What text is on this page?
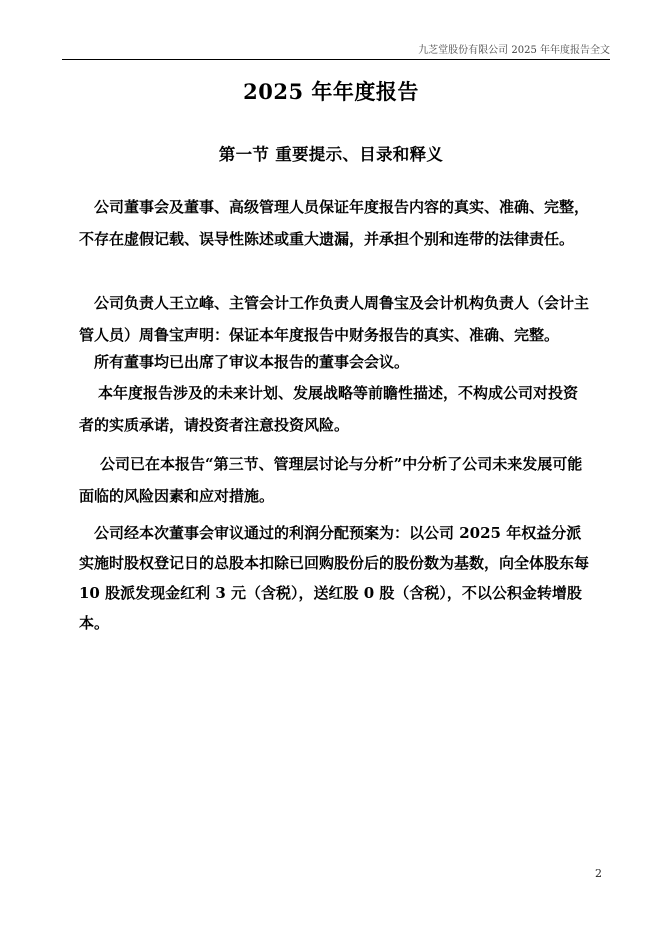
九芝堂股份有限公司 2025 年年度报告全文
2025 年年度报告
第一节 重要提示、目录和释义

公司董事会及董事、高级管理人员保证年度报告内容的真实、准确、完整，不存在虚假记载、误导性陈述或重大遗漏，并承担个别和连带的法律责任。

公司负责人王立峰、主管会计工作负责人周鲁宝及会计机构负责人（会计主管人员）周鲁宝声明：保证本年度报告中财务报告的真实、准确、完整。

所有董事均已出席了审议本报告的董事会会议。

本年度报告涉及的未来计划、发展战略等前瞻性描述，不构成公司对投资者的实质承诺，请投资者注意投资风险。

公司已在本报告“第三节、管理层讨论与分析”中分析了公司未来发展可能面临的风险因素和应对措施。

公司经本次董事会审议通过的利润分配预案为：以公司 2025 年权益分派实施时股权登记日的总股本扣除已回购股份后的股份数为基数，向全体股东每 10 股派发现金红利 3 元（含税），送红股 0 股（含税），不以公积金转增股本。

2
